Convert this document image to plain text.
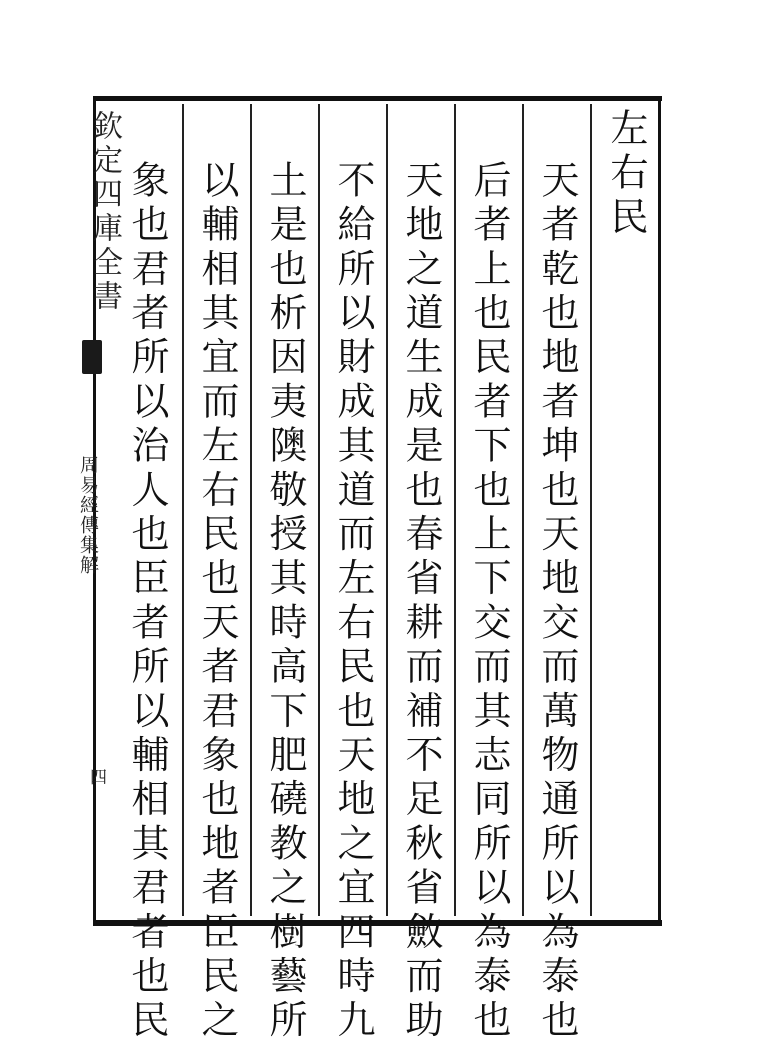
欽定四庫全書
周易經傳集解
四
左右民
天者乾也地者坤也天地交而萬物通所以為泰也
后者上也民者下也上下交而其志同所以為泰也
天地之道生成是也春省耕而補不足秋省斂而助
不給所以財成其道而左右民也天地之宜四時九
土是也析因夷隩敬授其時高下肥磽教之樹藝所
以輔相其宜而左右民也天者君象也地者臣民之
象也君者所以治人也臣者所以輔相其君者也民
